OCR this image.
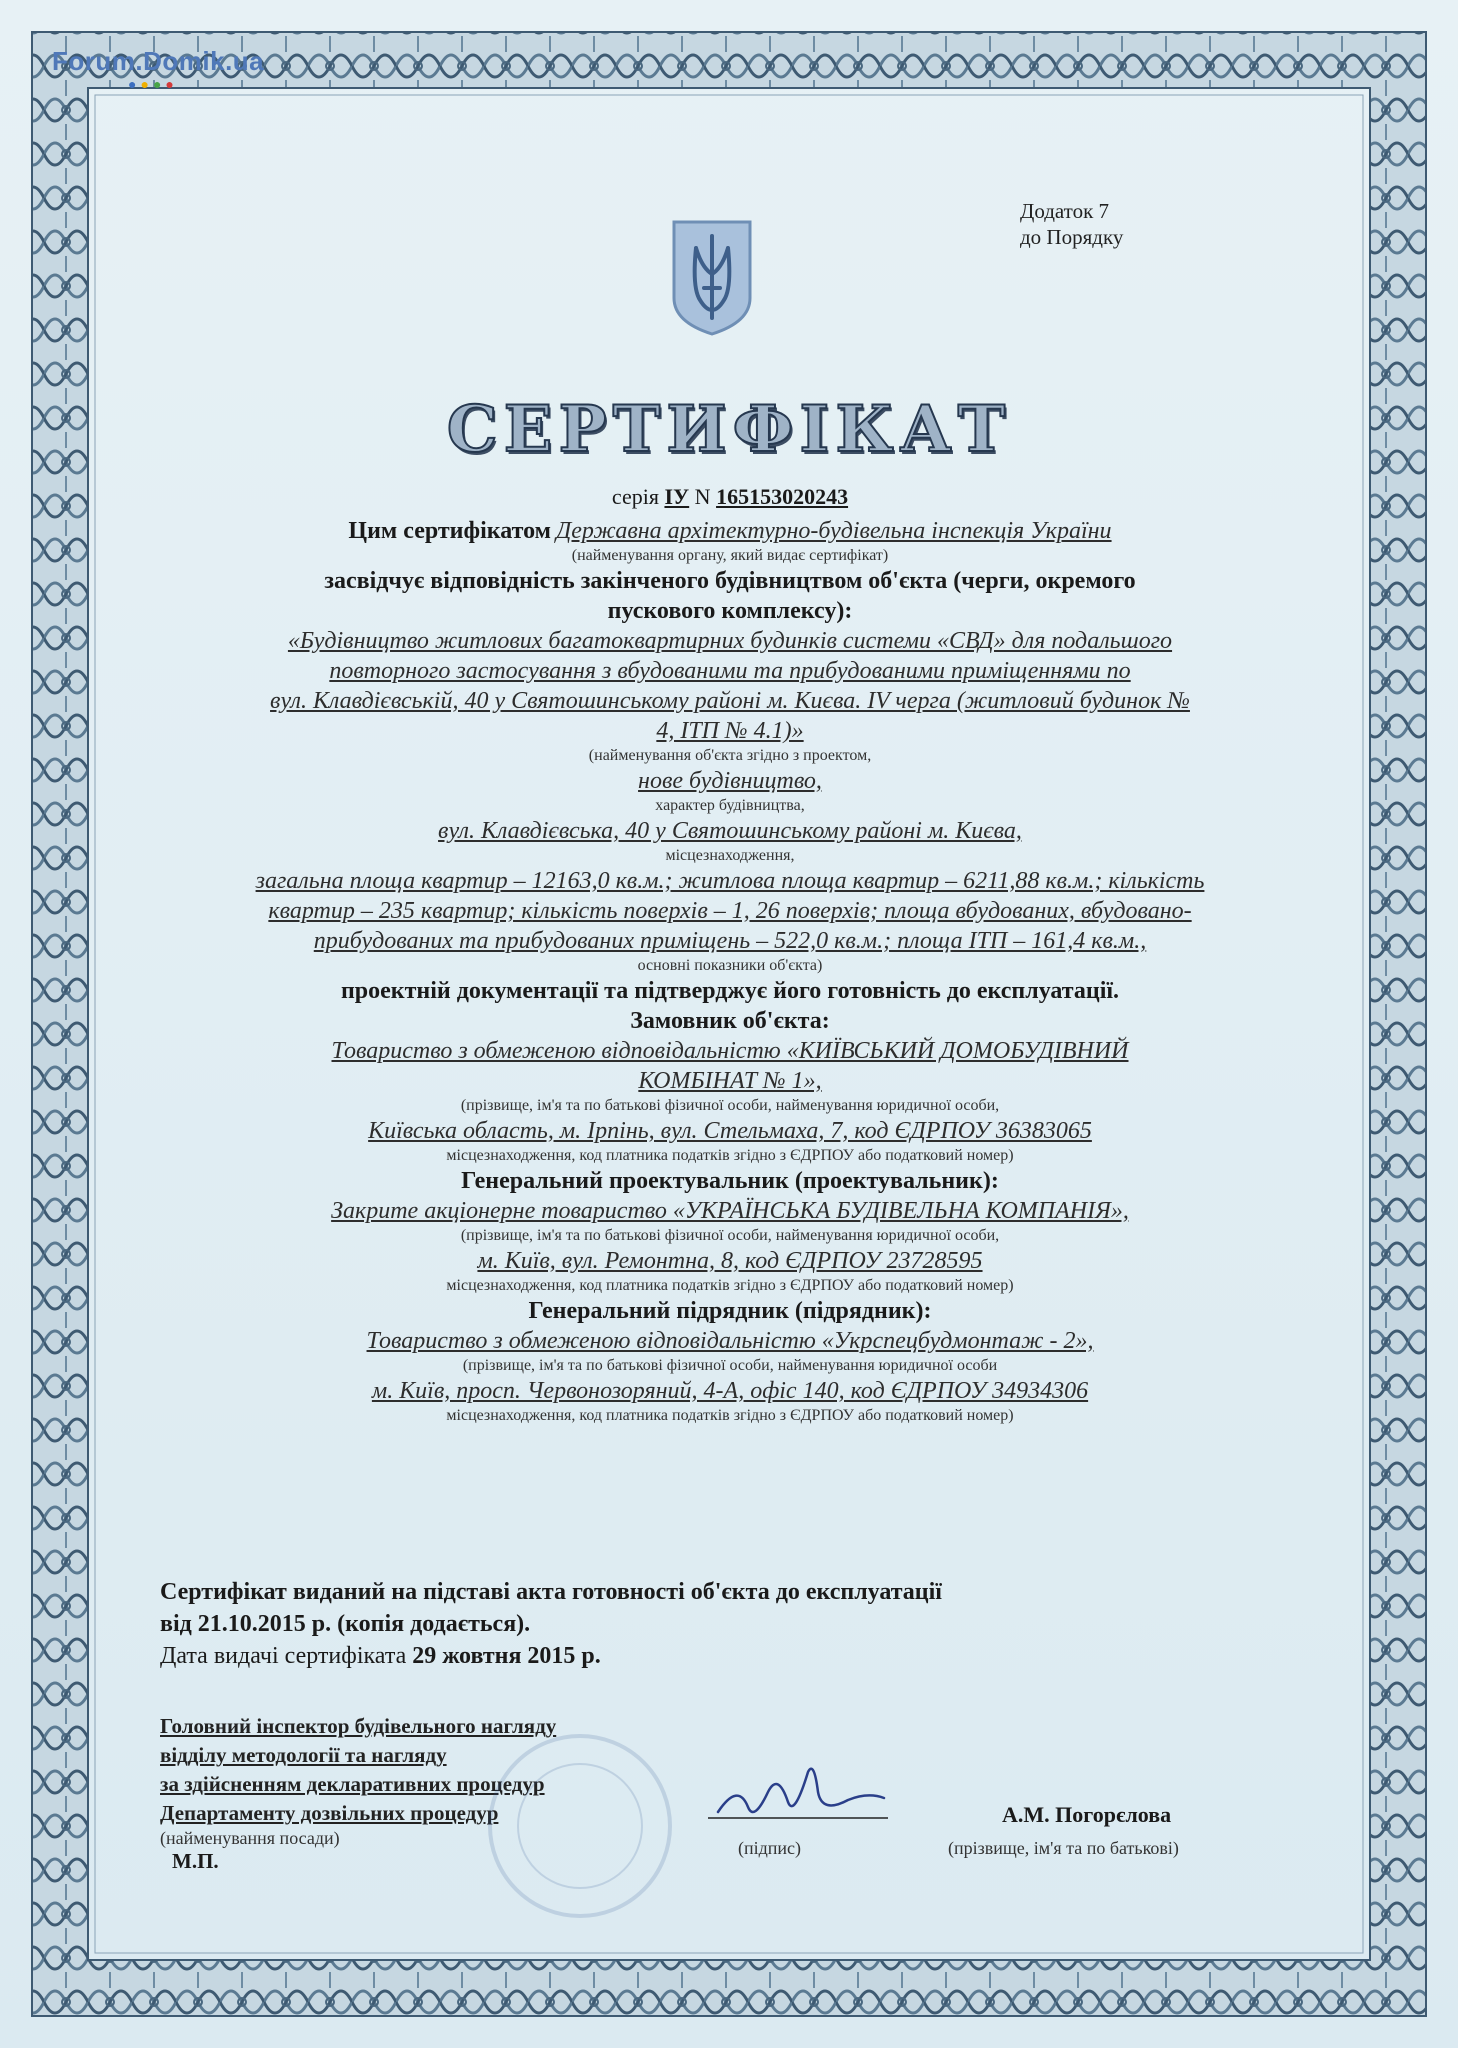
Forum.Domik.ua
●●●●
Додаток 7
до Порядку
СЕРТИФІКАТ
серія ІУ N 165153020243
Цим сертифікатом Державна архітектурно-будівельна інспекція України
(найменування органу, який видає сертифікат)
засвідчує відповідність закінченого будівництвом об'єкта (черги, окремого
пускового комплексу):
«Будівництво житлових багатоквартирних будинків системи «СВД» для подальшого
повторного застосування з вбудованими та прибудованими приміщеннями по
вул. Клавдієвській, 40 у Святошинському районі м. Києва. IV черга (житловий будинок №
4, ІТП № 4.1)»
(найменування об'єкта згідно з проектом,
нове будівництво,
характер будівництва,
вул. Клавдієвська, 40 у Святошинському районі м. Києва,
місцезнаходження,
загальна площа квартир – 12163,0 кв.м.; житлова площа квартир – 6211,88 кв.м.; кількість
квартир – 235 квартир; кількість поверхів – 1, 26 поверхів; площа вбудованих, вбудовано-
прибудованих та прибудованих приміщень – 522,0 кв.м.; площа ІТП – 161,4 кв.м.,
основні показники об'єкта)
проектній документації та підтверджує його готовність до експлуатації.
Замовник об'єкта:
Товариство з обмеженою відповідальністю «КИЇВСЬКИЙ ДОМОБУДІВНИЙ
КОМБІНАТ № 1»,
(прізвище, ім'я та по батькові фізичної особи, найменування юридичної особи,
Київська область, м. Ірпінь, вул. Стельмаха, 7, код ЄДРПОУ 36383065
місцезнаходження, код платника податків згідно з ЄДРПОУ або податковий номер)
Генеральний проектувальник (проектувальник):
Закрите акціонерне товариство «УКРАЇНСЬКА БУДІВЕЛЬНА КОМПАНІЯ»,
(прізвище, ім'я та по батькові фізичної особи, найменування юридичної особи,
м. Київ, вул. Ремонтна, 8, код ЄДРПОУ 23728595
місцезнаходження, код платника податків згідно з ЄДРПОУ або податковий номер)
Генеральний підрядник (підрядник):
Товариство з обмеженою відповідальністю «Укрспецбудмонтаж - 2»,
(прізвище, ім'я та по батькові фізичної особи, найменування юридичної особи
м. Київ, просп. Червонозоряний, 4-А, офіс 140, код ЄДРПОУ 34934306
місцезнаходження, код платника податків згідно з ЄДРПОУ або податковий номер)
Сертифікат виданий на підставі акта готовності об'єкта до експлуатації
від 21.10.2015 р. (копія додається).
Дата видачі сертифіката 29 жовтня 2015 р.
Головний інспектор будівельного нагляду
відділу методології та нагляду
за здійсненням декларативних процедур
Департаменту дозвільних процедур
(найменування посади)
М.П.
(підпис)
А.М. Погорєлова
(прізвище, ім'я та по батькові)
